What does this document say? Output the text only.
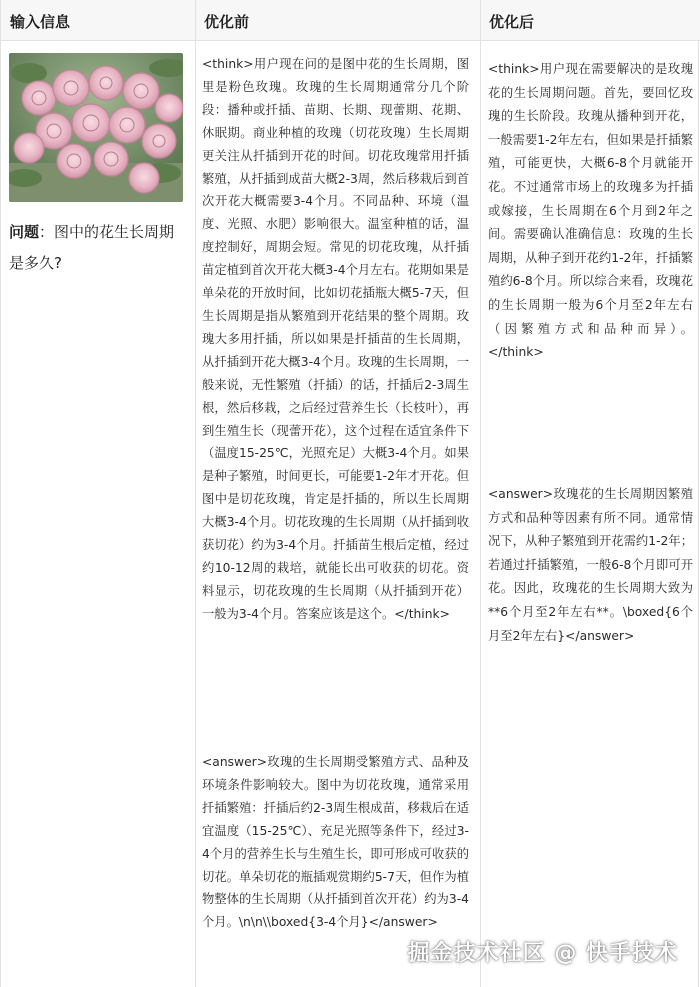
输入信息	优化前	优化后
问题：图中的花生长周期是多久?
<think>用户现在问的是图中花的生长周期，图里是粉色玫瑰。玫瑰的生长周期通常分几个阶段：播种或扦插、苗期、长期、现蕾期、花期、休眠期。商业种植的玫瑰（切花玫瑰）生长周期更关注从扦插到开花的时间。切花玫瑰常用扦插繁殖，从扦插到成苗大概2-3周，然后移栽后到首次开花大概需要3-4个月。不同品种、环境（温度、光照、水肥）影响很大。温室种植的话，温度控制好，周期会短。常见的切花玫瑰，从扦插苗定植到首次开花大概3-4个月左右。花期如果是单朵花的开放时间，比如切花插瓶大概5-7天，但生长周期是指从繁殖到开花结果的整个周期。玫瑰大多用扦插，所以如果是扦插苗的生长周期，从扦插到开花大概3-4个月。玫瑰的生长周期，一般来说，无性繁殖（扦插）的话，扦插后2-3周生根，然后移栽，之后经过营养生长（长枝叶），再到生殖生长（现蕾开花），这个过程在适宜条件下（温度15-25℃，光照充足）大概3-4个月。如果是种子繁殖，时间更长，可能要1-2年才开花。但图中是切花玫瑰，肯定是扦插的，所以生长周期大概3-4个月。切花玫瑰的生长周期（从扦插到收获切花）约为3-4个月。扦插苗生根后定植，经过约10-12周的栽培，就能长出可收获的切花。资料显示，切花玫瑰的生长周期（从扦插到开花）一般为3-4个月。答案应该是这个。</think>
<answer>玫瑰的生长周期受繁殖方式、品种及环境条件影响较大。图中为切花玫瑰，通常采用扦插繁殖：扦插后约2-3周生根成苗，移栽后在适宜温度（15-25℃）、充足光照等条件下，经过3-4个月的营养生长与生殖生长，即可形成可收获的切花。单朵切花的瓶插观赏期约5-7天，但作为植物整体的生长周期（从扦插到首次开花）约为3-4个月。\n\n\\boxed{3-4个月}</answer>
<think>用户现在需要解决的是玫瑰花的生长周期问题。首先，要回忆玫瑰的生长阶段。玫瑰从播种到开花，一般需要1-2年左右，但如果是扦插繁殖，可能更快，大概6-8个月就能开花。不过通常市场上的玫瑰多为扦插或嫁接，生长周期在6个月到2年之间。需要确认准确信息：玫瑰的生长周期，从种子到开花约1-2年，扦插繁殖约6-8个月。所以综合来看，玫瑰花的生长周期一般为6个月至2年左右（因繁殖方式和品种而异）。</think>
<answer>玫瑰花的生长周期因繁殖方式和品种等因素有所不同。通常情况下，从种子繁殖到开花需约1-2年；若通过扦插繁殖，一般6-8个月即可开花。因此，玫瑰花的生长周期大致为**6个月至2年左右**。\boxed{6个月至2年左右}</answer>
掘金技术社区 @ 快手技术
